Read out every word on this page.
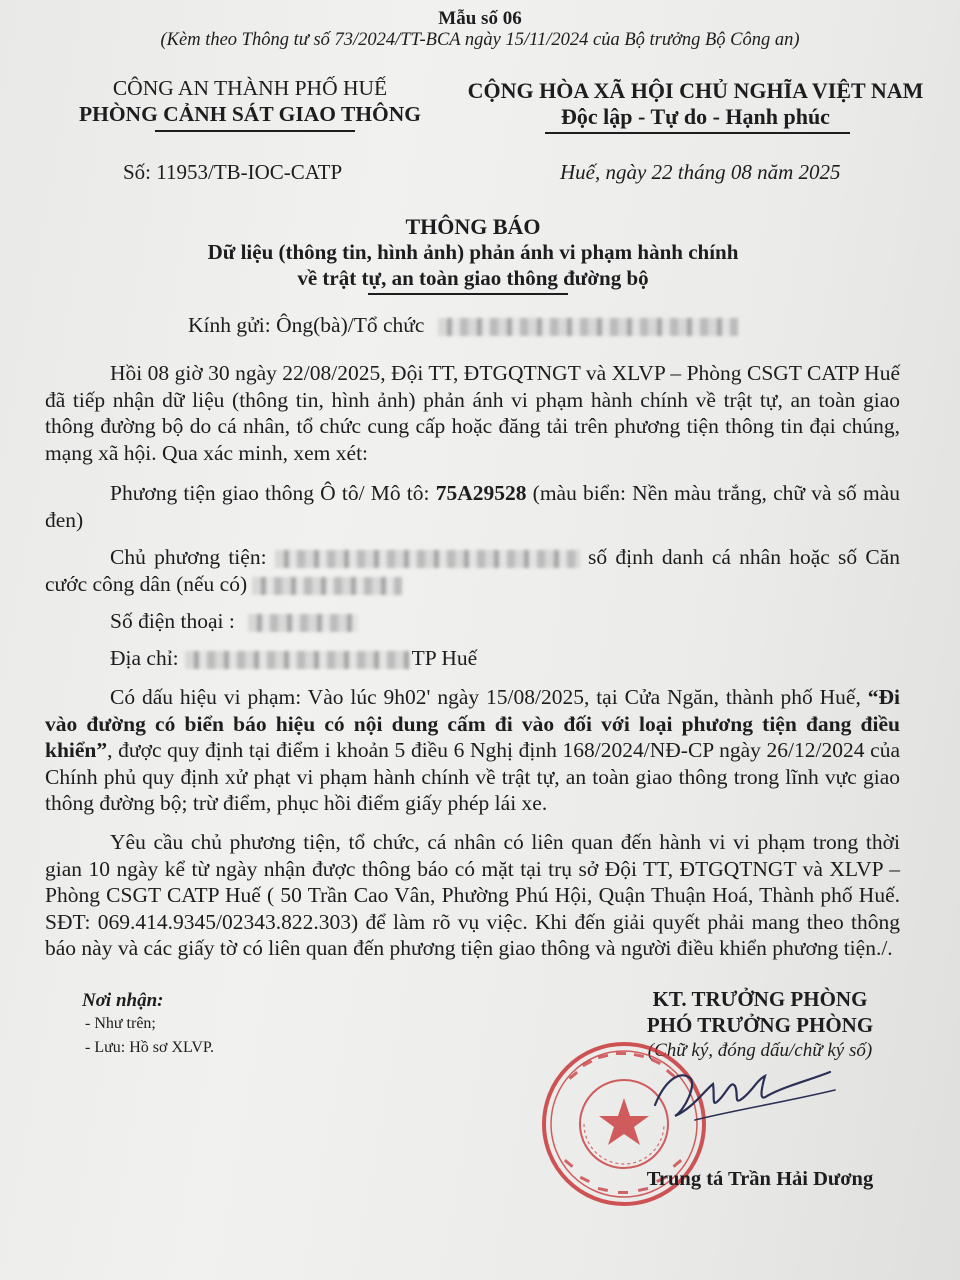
Mẫu số 06
(Kèm theo Thông tư số 73/2024/TT-BCA ngày 15/11/2024 của Bộ trưởng Bộ Công an)
CÔNG AN THÀNH PHỐ HUẾ
PHÒNG CẢNH SÁT GIAO THÔNG
Số: 11953/TB-IOC-CATP
CỘNG HÒA XÃ HỘI CHỦ NGHĨA VIỆT NAM
Độc lập - Tự do - Hạnh phúc
Huế, ngày 22 tháng 08 năm 2025
THÔNG BÁO
Dữ liệu (thông tin, hình ảnh) phản ánh vi phạm hành chính
về trật tự, an toàn giao thông đường bộ
Kính gửi: Ông(bà)/Tổ chức
Hồi 08 giờ 30 ngày 22/08/2025, Đội TT, ĐTGQTNGT và XLVP – Phòng CSGT CATP Huế đã tiếp nhận dữ liệu (thông tin, hình ảnh) phản ánh vi phạm hành chính về trật tự, an toàn giao thông đường bộ do cá nhân, tổ chức cung cấp hoặc đăng tải trên phương tiện thông tin đại chúng, mạng xã hội. Qua xác minh, xem xét:
Phương tiện giao thông Ô tô/ Mô tô: 75A29528 (màu biển: Nền màu trắng, chữ và số màu đen)
Chủ phương tiện:	số định danh cá nhân hoặc số Căn cước công dân (nếu có)
Số điện thoại :
Địa chỉ:	TP Huế
Có dấu hiệu vi phạm: Vào lúc 9h02' ngày 15/08/2025, tại Cửa Ngăn, thành phố Huế, “Đi vào đường có biển báo hiệu có nội dung cấm đi vào đối với loại phương tiện đang điều khiển”, được quy định tại điểm i khoản 5 điều 6 Nghị định 168/2024/NĐ-CP ngày 26/12/2024 của Chính phủ quy định xử phạt vi phạm hành chính về trật tự, an toàn giao thông trong lĩnh vực giao thông đường bộ; trừ điểm, phục hồi điểm giấy phép lái xe.
Yêu cầu chủ phương tiện, tổ chức, cá nhân có liên quan đến hành vi vi phạm trong thời gian 10 ngày kể từ ngày nhận được thông báo có mặt tại trụ sở Đội TT, ĐTGQTNGT và XLVP – Phòng CSGT CATP Huế ( 50 Trần Cao Vân, Phường Phú Hội, Quận Thuận Hoá, Thành phố Huế. SĐT: 069.414.9345/02343.822.303) để làm rõ vụ việc. Khi đến giải quyết phải mang theo thông báo này và các giấy tờ có liên quan đến phương tiện giao thông và người điều khiển phương tiện./.
Nơi nhận:
- Như trên;
- Lưu: Hồ sơ XLVP.
KT. TRƯỞNG PHÒNG
PHÓ TRƯỞNG PHÒNG
(Chữ ký, đóng dấu/chữ ký số)
Trung tá Trần Hải Dương
